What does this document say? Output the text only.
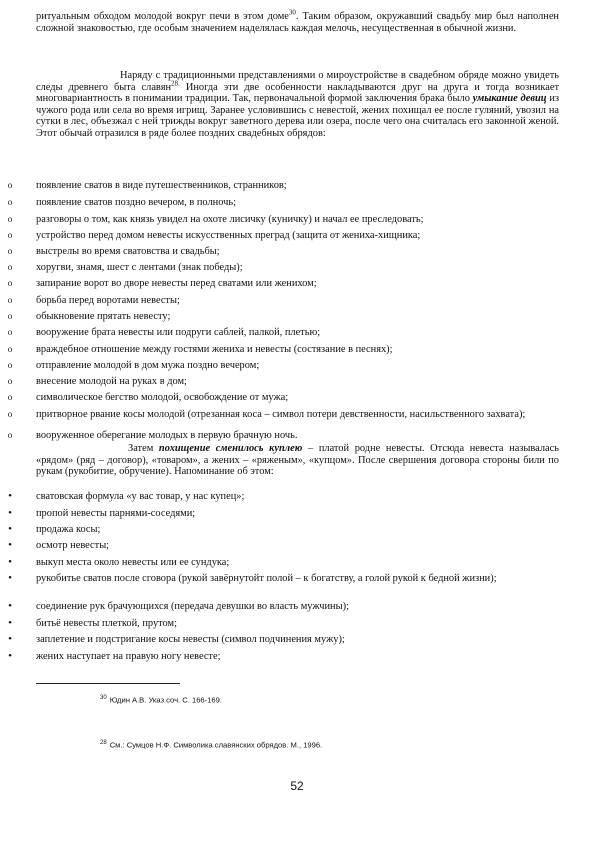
ритуальным обходом молодой вокруг печи в этом доме$^{30}$. Таким образом, окружавший свадьбу мир был наполнен сложной знаковостью, где особым значением наделялась каждая мелочь, несущественная в обычной жизни.
Наряду с традиционными представлениями о мироустройстве в свадебном обряде можно увидеть следы древнего быта славян$^{28.}$ Иногда эти две особенности накладываются друг на друга и тогда возникает многовариантность в понимании традиции. Так, первоначальной формой заключения брака было умыкание девиц из чужого рода или села во время игрищ. Заранее условившись с невестой, жених похищал ее после гуляний, увозил на сутки в лес, объезжал с ней трижды вокруг заветного дерева или озера, после чего она считалась его законной женой. Этот обычай отразился в ряде более поздних свадебных обрядов:
o появление сватов в виде путешественников, странников;
o появление сватов поздно вечером, в полночь;
o разговоры о том, как князь увидел на охоте лисичку (куничку) и начал ее преследовать;
o устройство перед домом невесты искусственных преград (защита от жениха-хищника;
o выстрелы во время сватовства и свадьбы;
o хоругви, знамя, шест с лентами (знак победы);
o запирание ворот во дворе невесты перед сватами или женихом;
o борьба перед воротами невесты;
o обыкновение прятать невесту;
o вооружение брата невесты или подруги саблей, палкой, плетью;
o враждебное отношение между гостями жениха и невесты (состязание в песнях);
o отправление молодой в дом мужа поздно вечером;
o внесение молодой на руках в дом;
o символическое бегство молодой, освобождение от мужа;
o притворное рвание косы молодой (отрезанная коса – символ потери девственности, насильственного захвата);
o вооруженное оберегание молодых в первую брачную ночь.
Затем похищение сменилось куплею – платой родне невесты. Отсюда невеста называлась «рядом» (ряд – договор), «товаром», а жених – «ряженым», «купцом». После свершения договора стороны били по рукам (рукобитие, обручение). Напоминание об этом:
• сватовская формула «у вас товар, у нас купец»;
• пропой невесты парнями-соседями;
• продажа косы;
• осмотр невесты;
• выкуп места около невесты или ее сундука;
• рукобитье сватов после сговора (рукой завёрнутойт полой – к богатству, а голой рукой к бедной жизни);
• соединение рук брачующихся (передача девушки во власть мужчины);
• битьё невесты плеткой, прутом;
• заплетение и подстригание косы невесты (символ подчинения мужу);
• жених наступает на правую ногу невесте;
$^{30}$ Юдин А.В. Указ.соч. С. 166-169.
$^{28}$ См.: Сумцов Н.Ф. Символика славянских обрядов. М., 1996.
52
